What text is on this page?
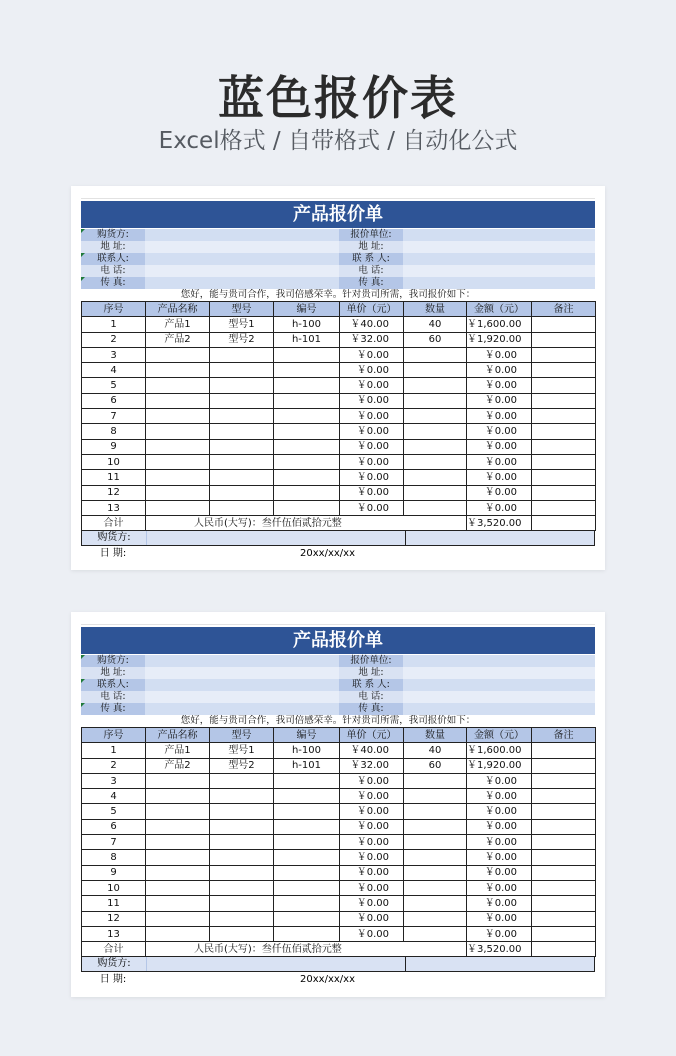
蓝色报价表
Excel格式 / 自带格式 / 自动化公式
产品报价单
购货方:	报价单位:
地 址:	地 址:
联系人:	联 系 人:
电 话:	电 话:
传 真:	传 真:
您好，能与贵司合作，我司倍感荣幸。针对贵司所需，我司报价如下：
序号	产品名称	型号	编号	单价（元）	数量	金额（元）	备注
1	产品1	型号1	h-100	￥40.00	40	￥1,600.00	
2	产品2	型号2	h-101	￥32.00	60	￥1,920.00	
3				￥0.00		￥0.00	
4				￥0.00		￥0.00	
5				￥0.00		￥0.00	
6				￥0.00		￥0.00	
7				￥0.00		￥0.00	
8				￥0.00		￥0.00	
9				￥0.00		￥0.00	
10				￥0.00		￥0.00	
11				￥0.00		￥0.00	
12				￥0.00		￥0.00	
13				￥0.00		￥0.00	
合计	人民币(大写)：叁仟伍佰贰拾元整					￥3,520.00	
购货方:
日 期:	20xx/xx/xx
产品报价单
购货方:	报价单位:
地 址:	地 址:
联系人:	联 系 人:
电 话:	电 话:
传 真:	传 真:
您好，能与贵司合作，我司倍感荣幸。针对贵司所需，我司报价如下：
序号	产品名称	型号	编号	单价（元）	数量	金额（元）	备注
1	产品1	型号1	h-100	￥40.00	40	￥1,600.00	
2	产品2	型号2	h-101	￥32.00	60	￥1,920.00	
3				￥0.00		￥0.00	
4				￥0.00		￥0.00	
5				￥0.00		￥0.00	
6				￥0.00		￥0.00	
7				￥0.00		￥0.00	
8				￥0.00		￥0.00	
9				￥0.00		￥0.00	
10				￥0.00		￥0.00	
11				￥0.00		￥0.00	
12				￥0.00		￥0.00	
13				￥0.00		￥0.00	
合计	人民币(大写)：叁仟伍佰贰拾元整					￥3,520.00	
购货方:
日 期:	20xx/xx/xx
